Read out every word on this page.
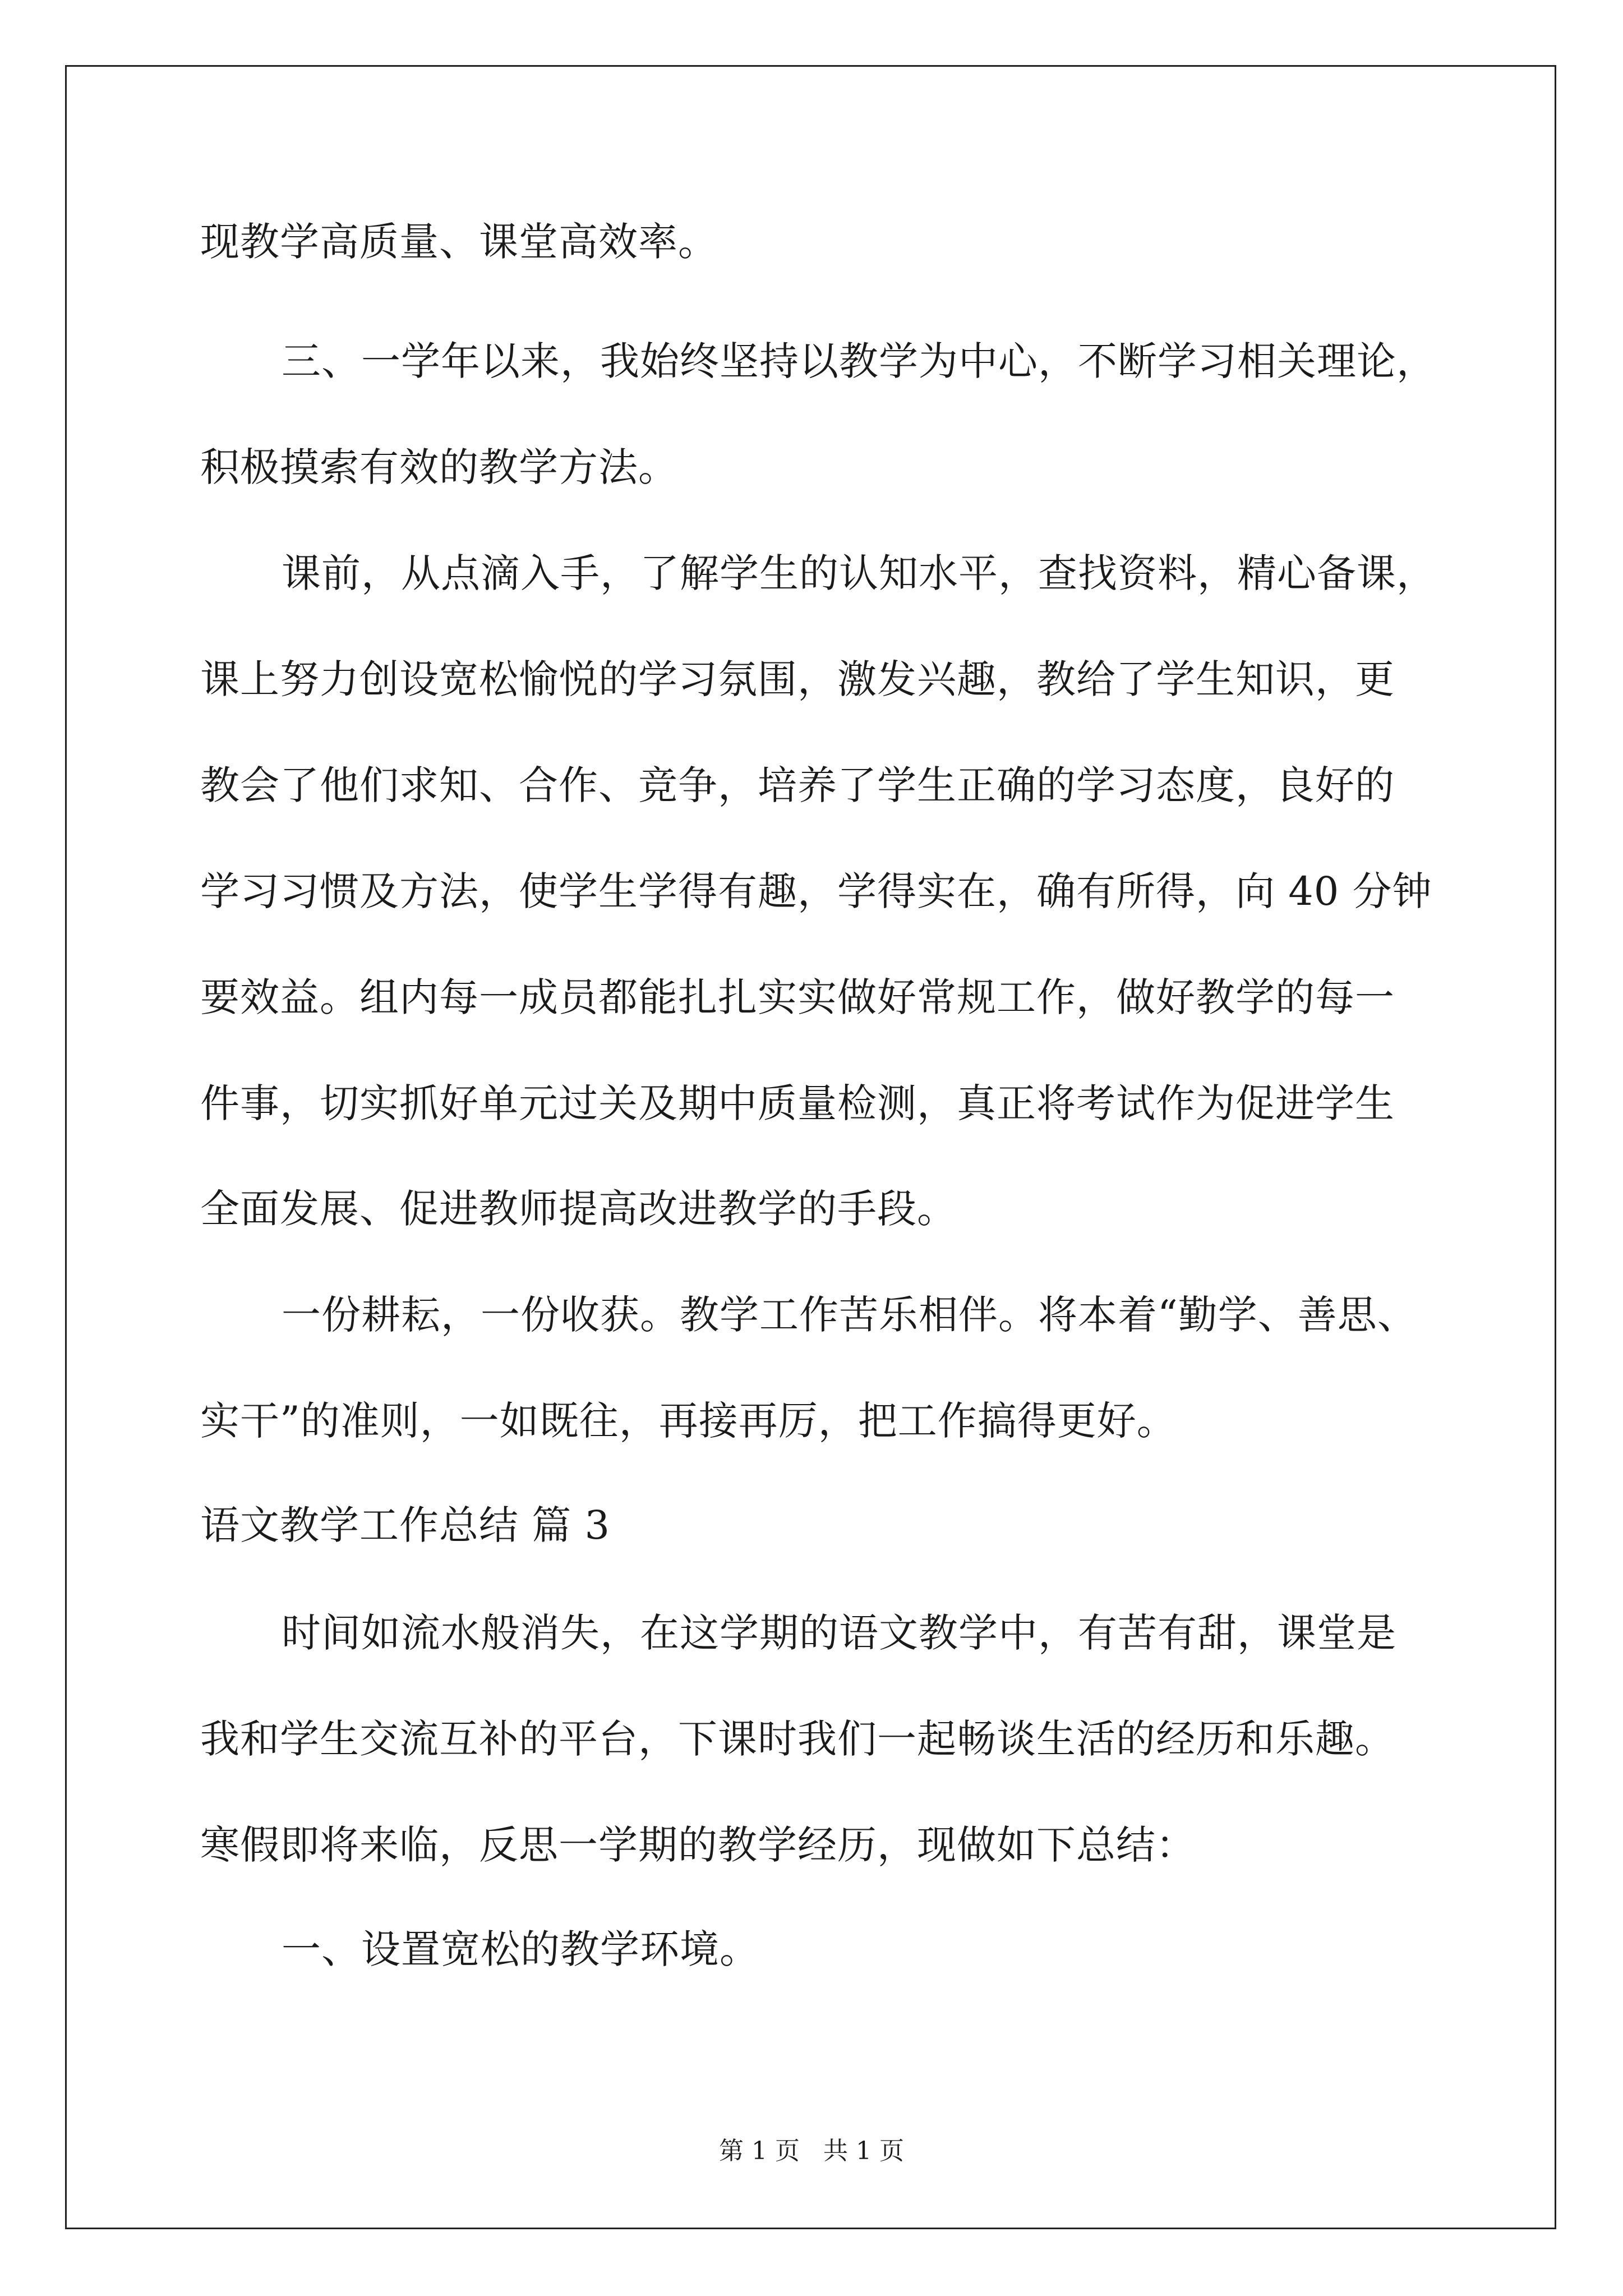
现教学高质量、课堂高效率。
三、一学年以来，我始终坚持以教学为中心，不断学习相关理论，
积极摸索有效的教学方法。
课前，从点滴入手，了解学生的认知水平，查找资料，精心备课，
课上努力创设宽松愉悦的学习氛围，激发兴趣，教给了学生知识，更
教会了他们求知、合作、竞争，培养了学生正确的学习态度，良好的
学习习惯及方法，使学生学得有趣，学得实在，确有所得，向 40 分钟
要效益。组内每一成员都能扎扎实实做好常规工作，做好教学的每一
件事，切实抓好单元过关及期中质量检测，真正将考试作为促进学生
全面发展、促进教师提高改进教学的手段。
一份耕耘，一份收获。教学工作苦乐相伴。将本着“勤学、善思、
实干”的准则，一如既往，再接再厉，把工作搞得更好。
语文教学工作总结 篇 3
时间如流水般消失，在这学期的语文教学中，有苦有甜，课堂是
我和学生交流互补的平台，下课时我们一起畅谈生活的经历和乐趣。
寒假即将来临，反思一学期的教学经历，现做如下总结：
一、设置宽松的教学环境。
第 1 页   共 1 页
